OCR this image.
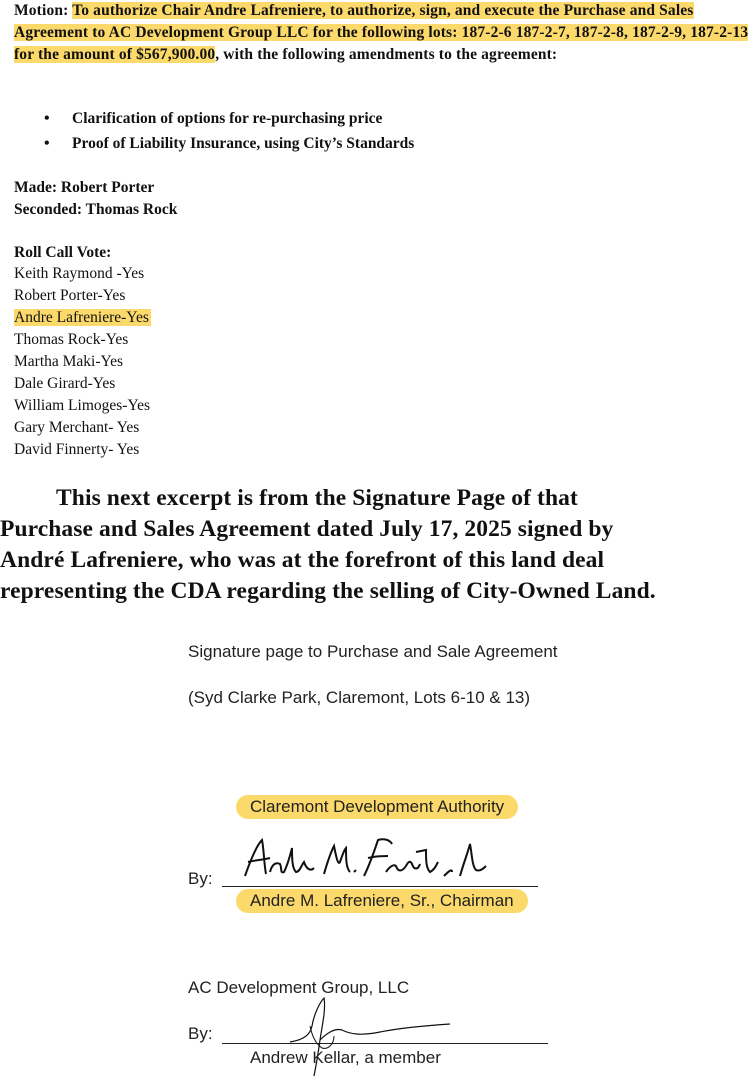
Motion: To authorize Chair Andre Lafreniere, to authorize, sign, and execute the Purchase and Sales Agreement to AC Development Group LLC for the following lots: 187-2-6 187-2-7, 187-2-8, 187-2-9, 187-2-13 for the amount of $567,900.00, with the following amendments to the agreement:
• Clarification of options for re-purchasing price
• Proof of Liability Insurance, using City’s Standards
Made: Robert Porter
Seconded: Thomas Rock
Roll Call Vote:
Keith Raymond -Yes
Robert Porter-Yes
Andre Lafreniere-Yes
Thomas Rock-Yes
Martha Maki-Yes
Dale Girard-Yes
William Limoges-Yes
Gary Merchant- Yes
David Finnerty- Yes
This next excerpt is from the Signature Page of that
Purchase and Sales Agreement dated July 17, 2025 signed by
André Lafreniere, who was at the forefront of this land deal
representing the CDA regarding the selling of City-Owned Land.
Signature page to Purchase and Sale Agreement
(Syd Clarke Park, Claremont, Lots 6-10 & 13)
Claremont Development Authority
By:
Andre M. Lafreniere, Sr., Chairman
AC Development Group, LLC
By:
Andrew Kellar, a member
